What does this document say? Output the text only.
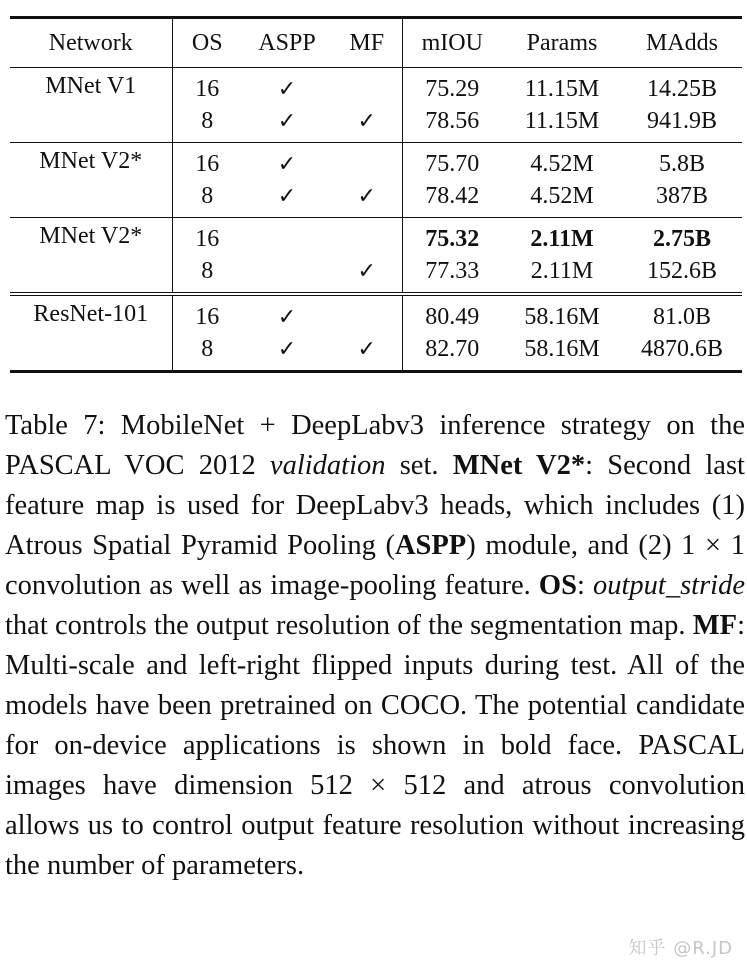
Network	OS	ASPP	MF	mIOU	Params	MAdds
MNet V1	16	✓		75.29	11.15M	14.25B
	8	✓	✓	78.56	11.15M	941.9B
MNet V2*	16	✓		75.70	4.52M	5.8B
	8	✓	✓	78.42	4.52M	387B
MNet V2*	16			75.32	2.11M	2.75B
	8		✓	77.33	2.11M	152.6B
ResNet-101	16	✓		80.49	58.16M	81.0B
	8	✓	✓	82.70	58.16M	4870.6B

Table 7: MobileNet + DeepLabv3 inference strategy on the PASCAL VOC 2012 validation set. MNet V2*: Second last feature map is used for DeepLabv3 heads, which includes (1) Atrous Spatial Pyramid Pooling (ASPP) module, and (2) 1 × 1 convolution as well as image-pooling feature. OS: output_stride that controls the output resolution of the segmentation map. MF: Multi-scale and left-right flipped inputs during test. All of the models have been pretrained on COCO. The potential candidate for on-device applications is shown in bold face. PASCAL images have dimension 512 × 512 and atrous convolution allows us to control output feature resolution without increasing the number of parameters.

知乎 @R.JD
